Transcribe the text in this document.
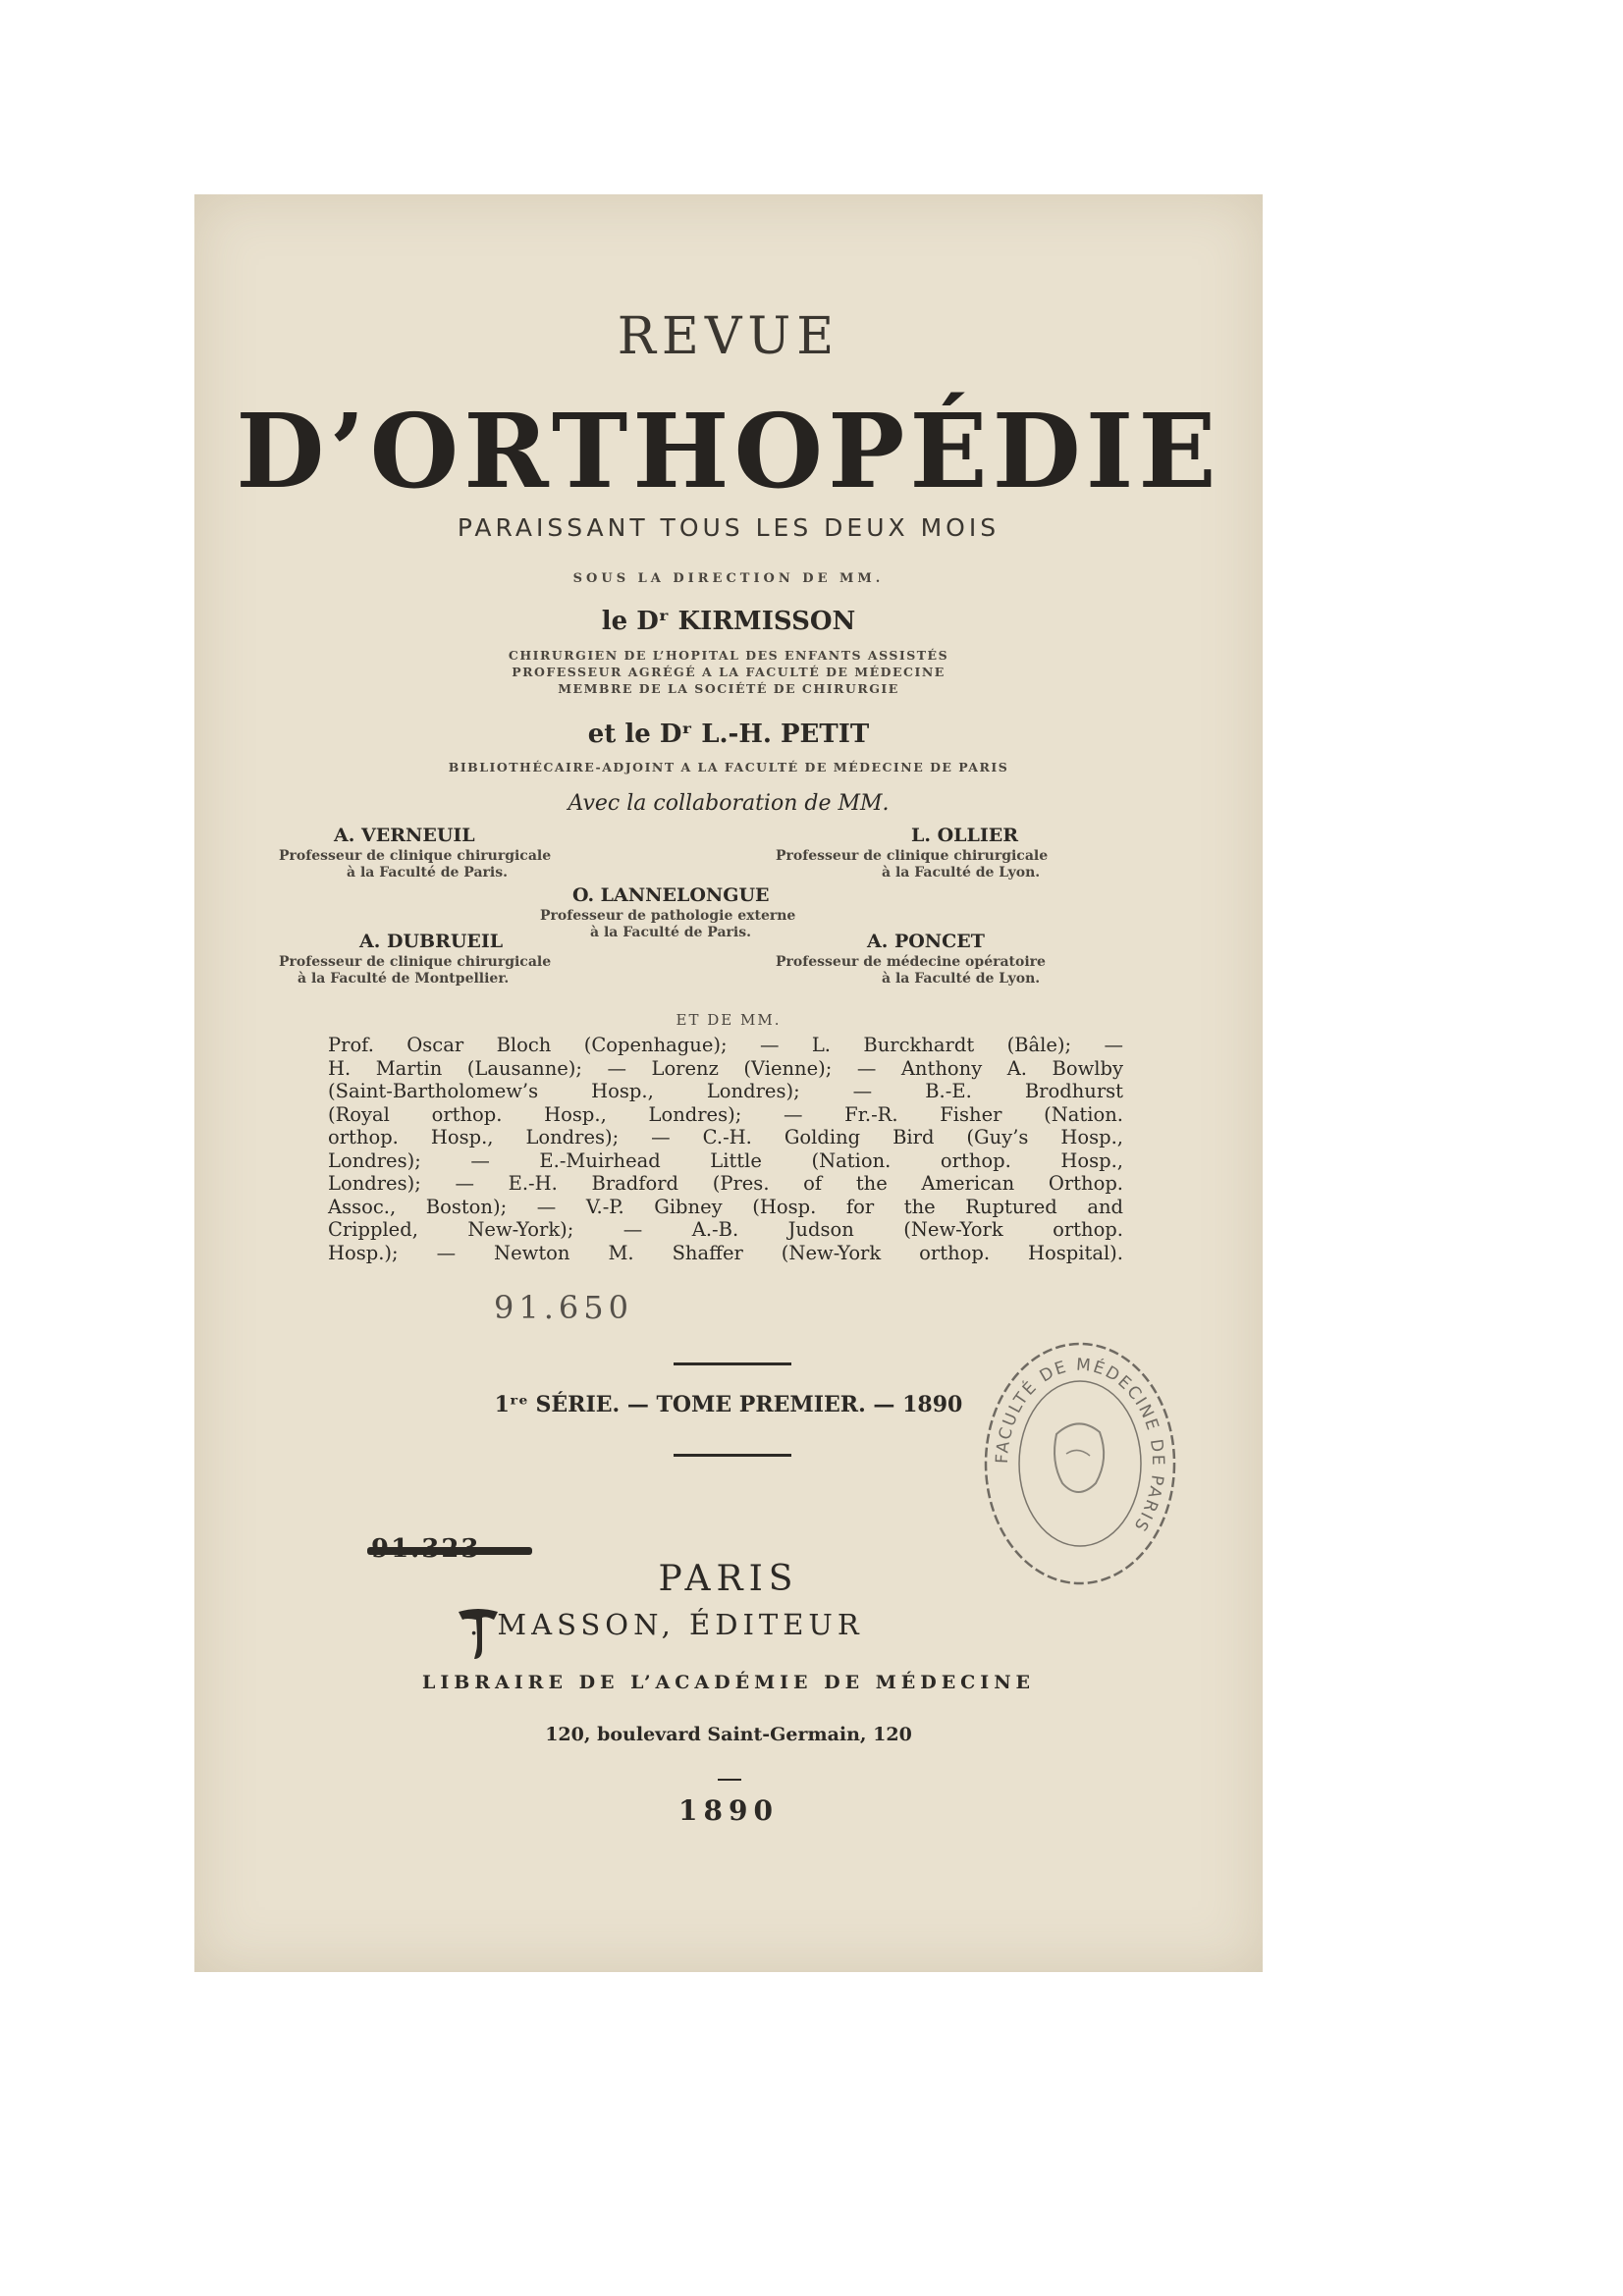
REVUE
D’ORTHOPÉDIE
PARAISSANT TOUS LES DEUX MOIS
SOUS LA DIRECTION DE MM.
le Dʳ KIRMISSON
CHIRURGIEN DE L’HOPITAL DES ENFANTS ASSISTÉS
PROFESSEUR AGRÉGÉ A LA FACULTÉ DE MÉDECINE
MEMBRE DE LA SOCIÉTÉ DE CHIRURGIE
et le Dʳ L.-H. PETIT
BIBLIOTHÉCAIRE-ADJOINT A LA FACULTÉ DE MÉDECINE DE PARIS
Avec la collaboration de MM.
A. VERNEUIL
Professeur de clinique chirurgicale
à la Faculté de Paris.
L. OLLIER
Professeur de clinique chirurgicale
à la Faculté de Lyon.
O. LANNELONGUE
Professeur de pathologie externe
à la Faculté de Paris.
A. DUBRUEIL
Professeur de clinique chirurgicale
à la Faculté de Montpellier.
A. PONCET
Professeur de médecine opératoire
à la Faculté de Lyon.
ET DE MM.
Prof. Oscar Bloch (Copenhague); — L. Burckhardt (Bâle); —
H. Martin (Lausanne); — Lorenz (Vienne); — Anthony A. Bowlby
(Saint-Bartholomew’s Hosp., Londres); — B.-E. Brodhurst
(Royal orthop. Hosp., Londres); — Fr.-R. Fisher (Nation.
orthop. Hosp., Londres); — C.-H. Golding Bird (Guy’s Hosp.,
Londres); — E.-Muirhead Little (Nation. orthop. Hosp.,
Londres); — E.-H. Bradford (Pres. of the American Orthop.
Assoc., Boston); — V.-P. Gibney (Hosp. for the Ruptured and
Crippled, New-York); — A.-B. Judson (New-York orthop.
Hosp.); — Newton M. Shaffer (New-York orthop. Hospital).
91.650
1ʳᵉ SÉRIE. — TOME PREMIER. — 1890
PARIS
. MASSON, ÉDITEUR
LIBRAIRE DE L’ACADÉMIE DE MÉDECINE
120, boulevard Saint-Germain, 120
1890
FACULTÉ DE MÉDECINE DE PARIS
